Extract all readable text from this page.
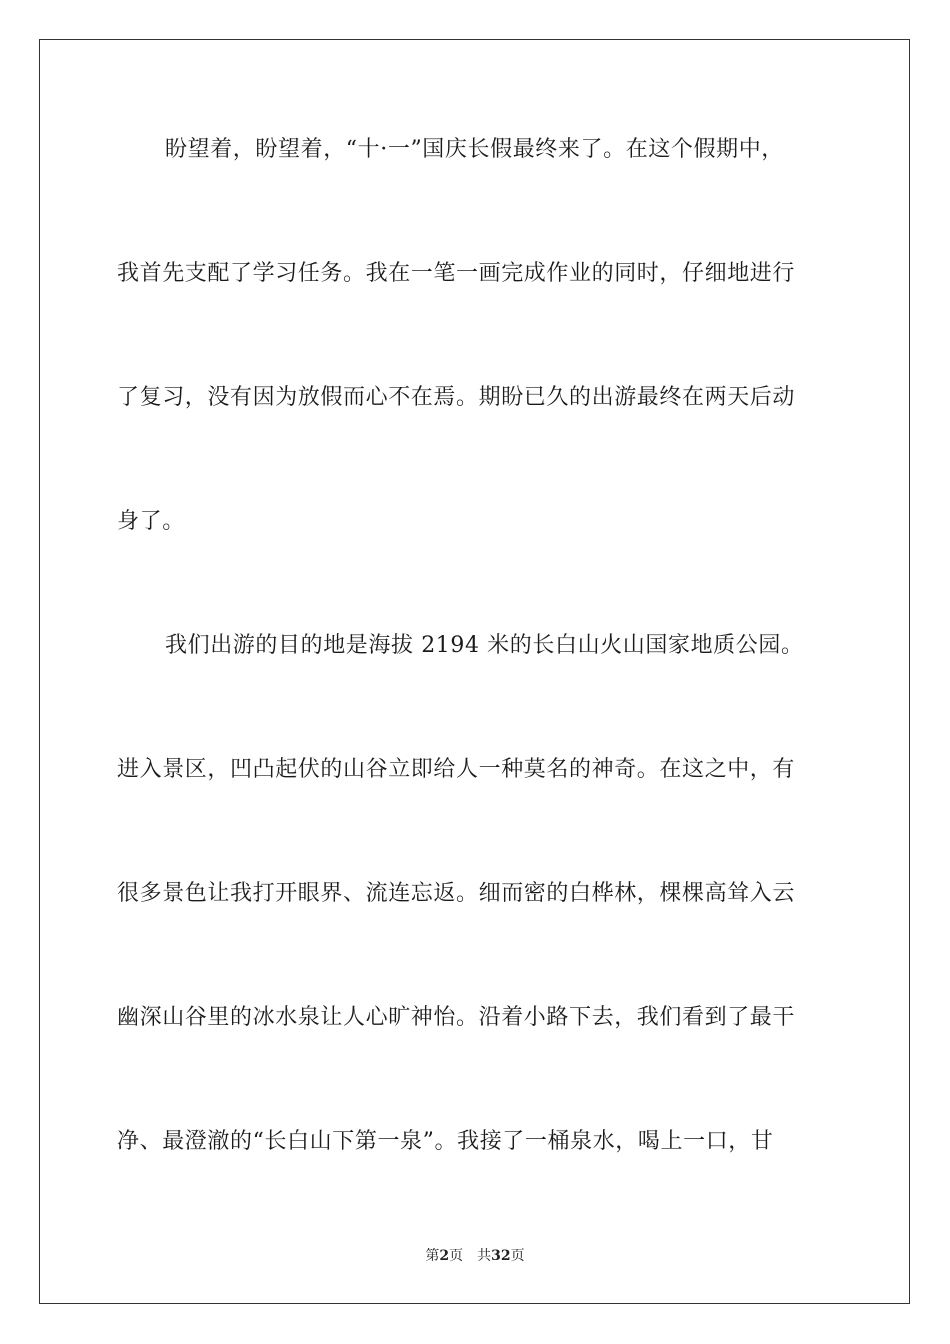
盼望着，盼望着，“十·一”国庆长假最终来了。在这个假期中，
我首先支配了学习任务。我在一笔一画完成作业的同时，仔细地进行
了复习，没有因为放假而心不在焉。期盼已久的出游最终在两天后动
身了。
我们出游的目的地是海拔 2194 米的长白山火山国家地质公园。
进入景区，凹凸起伏的山谷立即给人一种莫名的神奇。在这之中，有
很多景色让我打开眼界、流连忘返。细而密的白桦林，棵棵高耸入云
幽深山谷里的冰水泉让人心旷神怡。沿着小路下去，我们看到了最干
净、最澄澈的“长白山下第一泉”。我接了一桶泉水，喝上一口，甘
第2页 共32页
